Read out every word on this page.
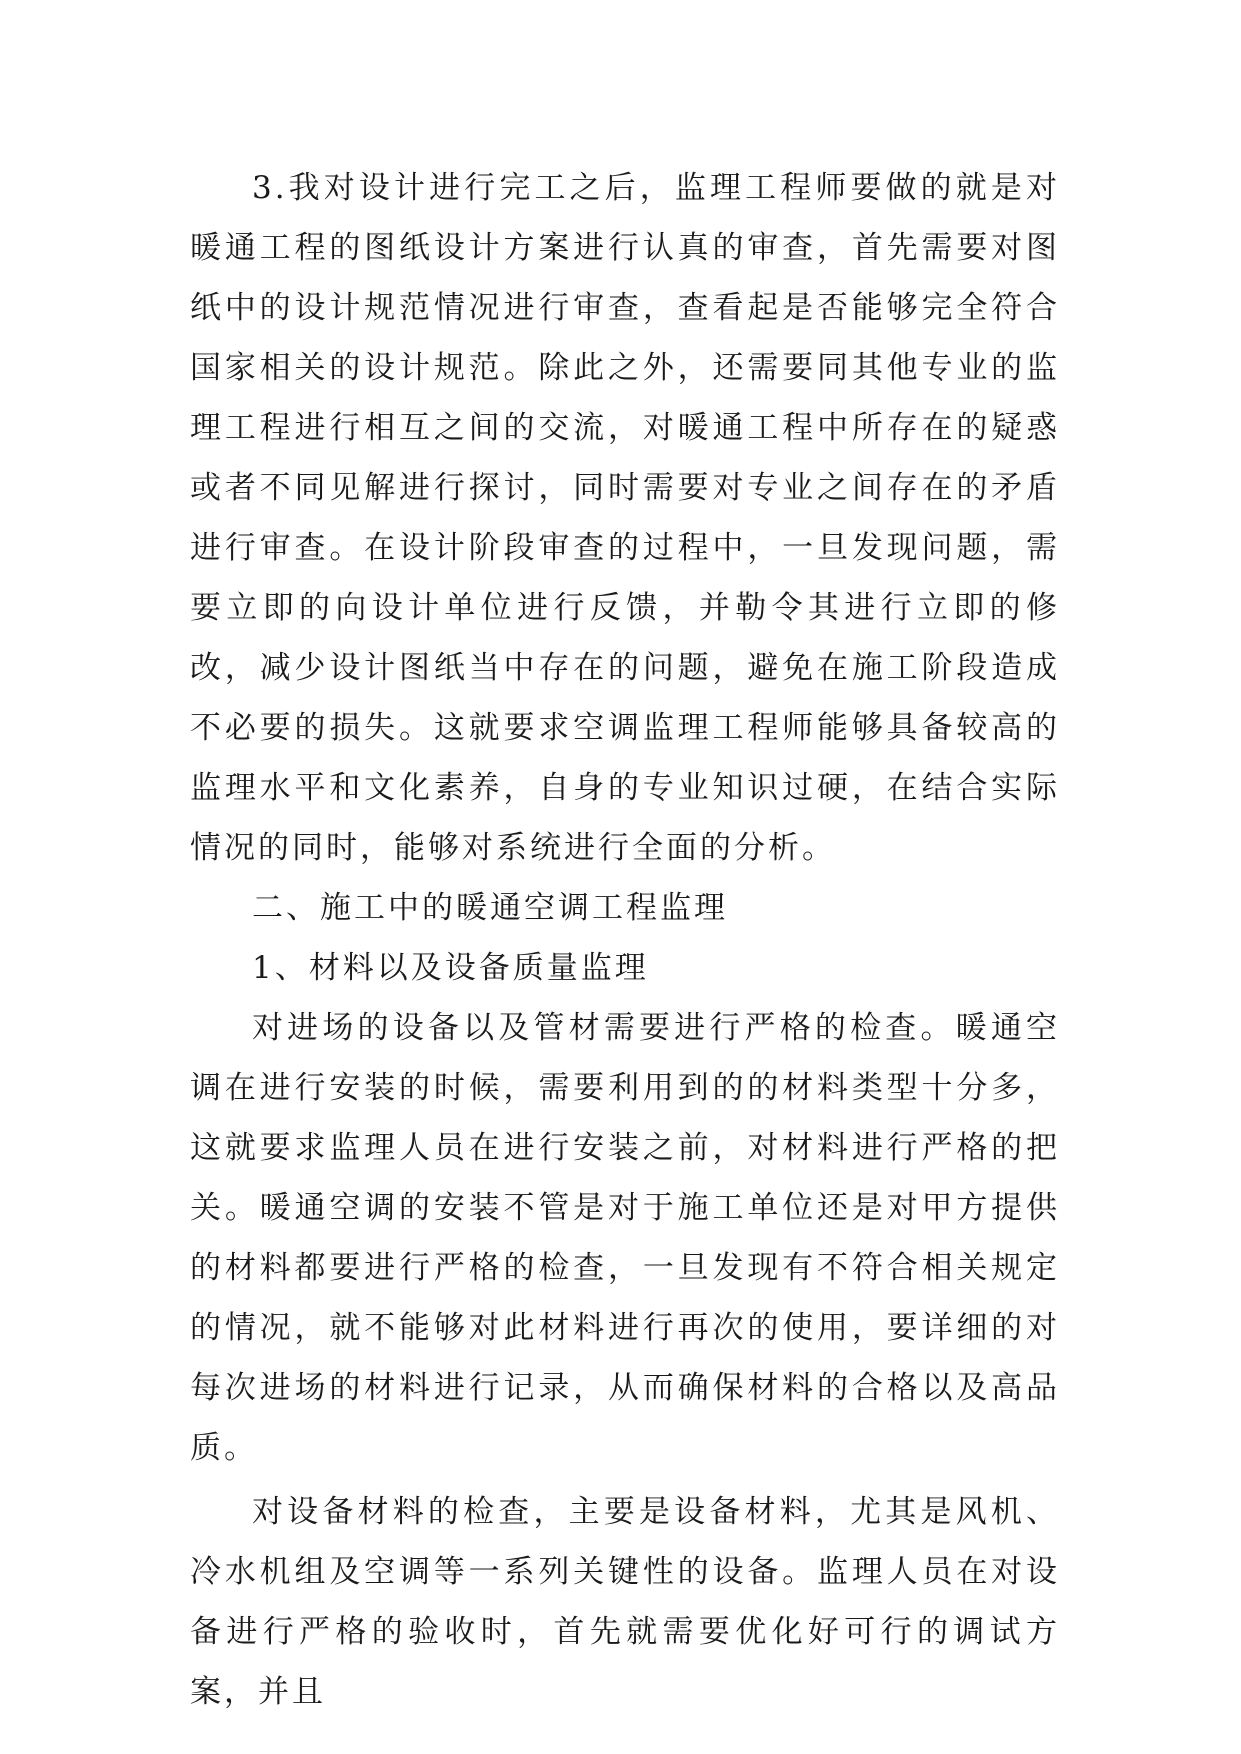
3.我对设计进行完工之后，监理工程师要做的就是对暖通工程的图纸设计方案进行认真的审查，首先需要对图纸中的设计规范情况进行审查，查看起是否能够完全符合国家相关的设计规范。除此之外，还需要同其他专业的监理工程进行相互之间的交流，对暖通工程中所存在的疑惑或者不同见解进行探讨，同时需要对专业之间存在的矛盾进行审查。在设计阶段审查的过程中，一旦发现问题，需要立即的向设计单位进行反馈，并勒令其进行立即的修改，减少设计图纸当中存在的问题，避免在施工阶段造成不必要的损失。这就要求空调监理工程师能够具备较高的监理水平和文化素养，自身的专业知识过硬，在结合实际情况的同时，能够对系统进行全面的分析。

二、施工中的暖通空调工程监理

1、材料以及设备质量监理

对进场的设备以及管材需要进行严格的检查。暖通空调在进行安装的时候，需要利用到的的材料类型十分多，这就要求监理人员在进行安装之前，对材料进行严格的把关。暖通空调的安装不管是对于施工单位还是对甲方提供的材料都要进行严格的检查，一旦发现有不符合相关规定的情况，就不能够对此材料进行再次的使用，要详细的对每次进场的材料进行记录，从而确保材料的合格以及高品质。

对设备材料的检查，主要是设备材料，尤其是风机、冷水机组及空调等一系列关键性的设备。监理人员在对设备进行严格的验收时，首先就需要优化好可行的调试方案，并且
